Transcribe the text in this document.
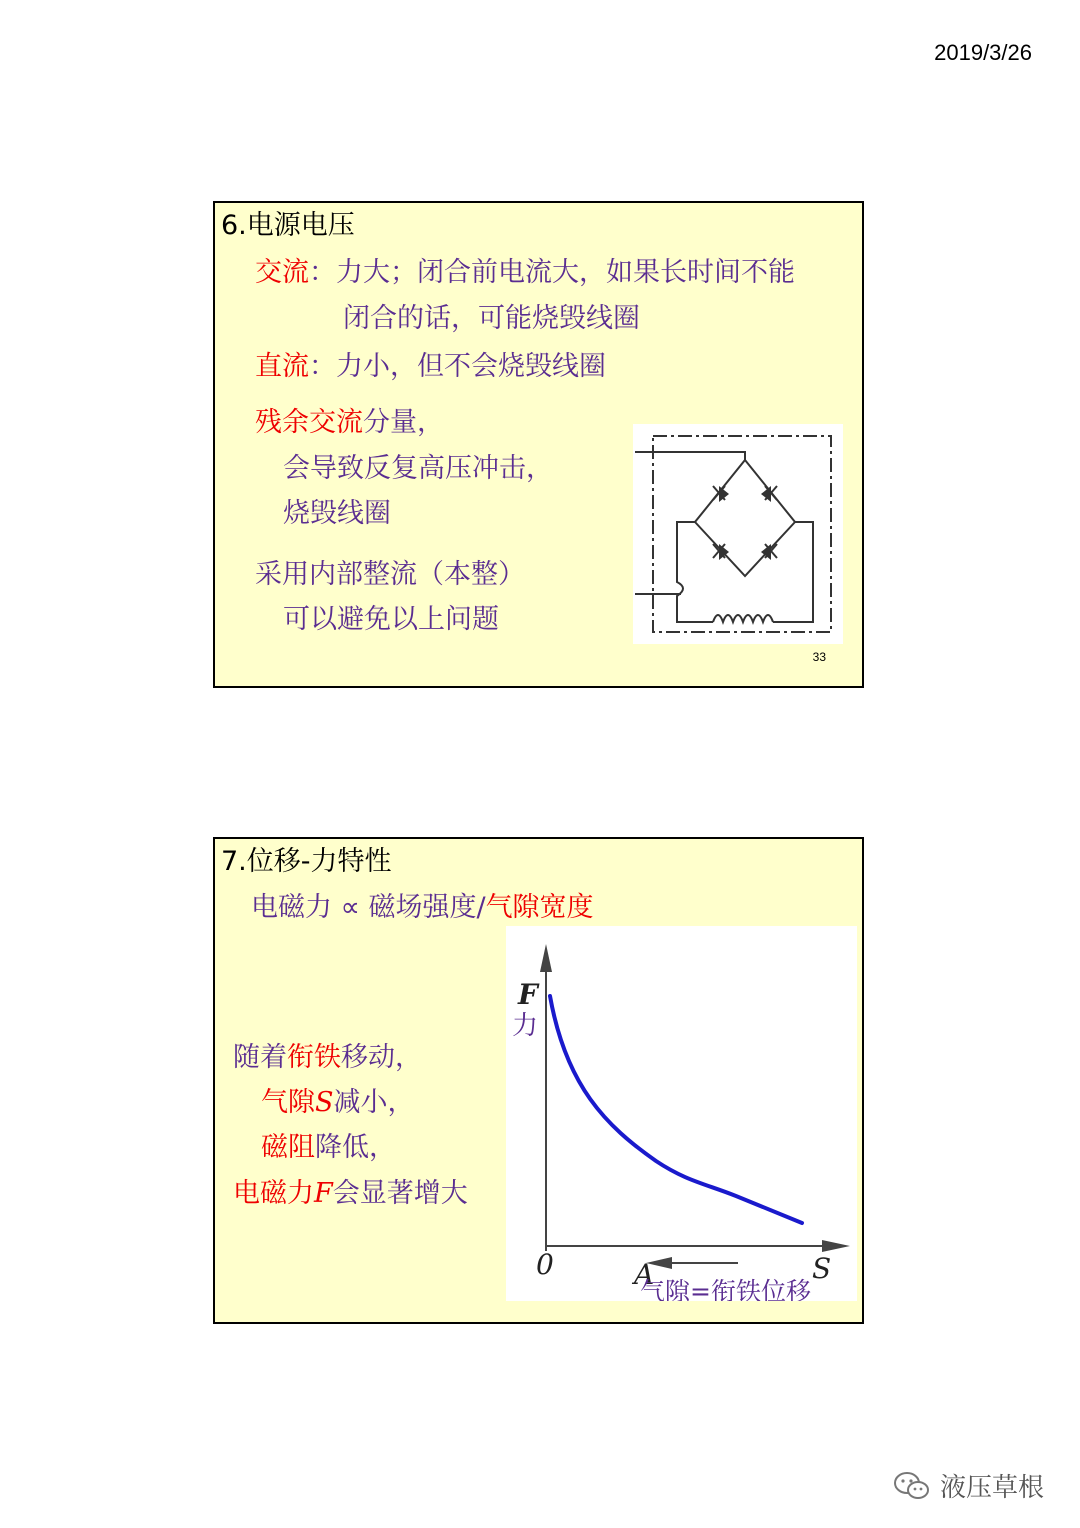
2019/3/26
6.电源电压
交流：力大；闭合前电流大，如果长时间不能
闭合的话，可能烧毁线圈
直流：力小，但不会烧毁线圈
残余交流分量，
会导致反复高压冲击，
烧毁线圈
采用内部整流（本整）
可以避免以上问题
33
7.位移-力特性
电磁力 ∝ 磁场强度/气隙宽度
随着衔铁移动，
气隙S减小，
磁阻降低，
电磁力F会显著增大
F
力
0	A	S
气隙=衔铁位移
液压草根
